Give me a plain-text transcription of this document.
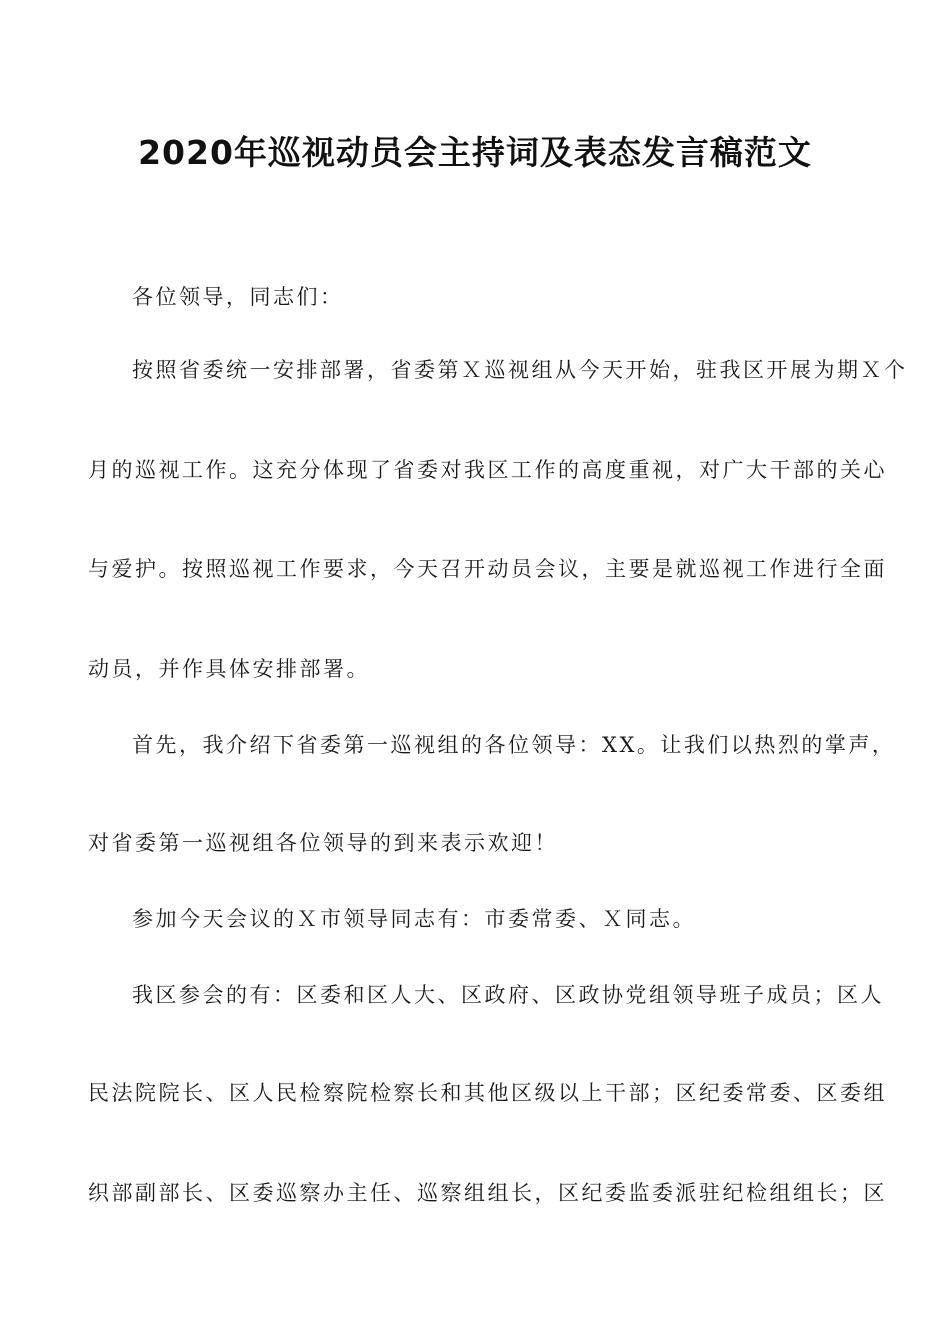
2020年巡视动员会主持词及表态发言稿范文
各位领导，同志们：
按照省委统一安排部署，省委第Ｘ巡视组从今天开始，驻我区开展为期Ｘ个
月的巡视工作。这充分体现了省委对我区工作的高度重视，对广大干部的关心
与爱护。按照巡视工作要求，今天召开动员会议，主要是就巡视工作进行全面
动员，并作具体安排部署。
首先，我介绍下省委第一巡视组的各位领导：XX。让我们以热烈的掌声，
对省委第一巡视组各位领导的到来表示欢迎！
参加今天会议的Ｘ市领导同志有：市委常委、Ｘ同志。
我区参会的有：区委和区人大、区政府、区政协党组领导班子成员；区人
民法院院长、区人民检察院检察长和其他区级以上干部；区纪委常委、区委组
织部副部长、区委巡察办主任、巡察组组长，区纪委监委派驻纪检组组长；区
